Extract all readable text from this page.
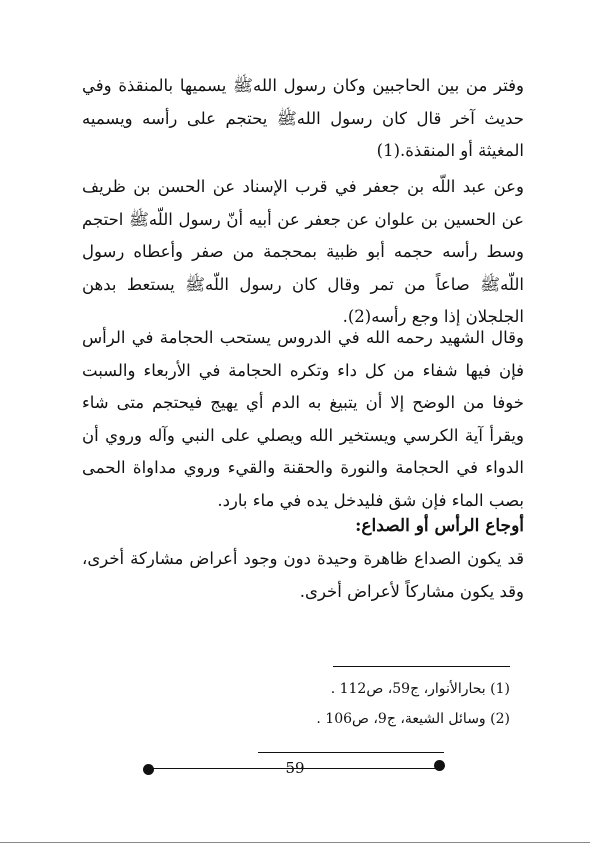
وفتر من بين الحاجبين وكان رسول اللهﷺ يسميها بالمنقذة وفي حديث آخر قال كان رسول اللهﷺ يحتجم على رأسه ويسميه المغيثة أو المنقذة.(1)

وعن عبد اللّه بن جعفر في قرب الإسناد عن الحسن بن ظريف عن الحسين بن علوان عن جعفر عن أبيه أنّ رسول اللّهﷺ احتجم وسط رأسه حجمه أبو ظبية بمحجمة من صفر وأعطاه رسول اللّهﷺ صاعاً من تمر وقال كان رسول اللّهﷺ يستعط بدهن الجلجلان إذا وجع رأسه(2).

وقال الشهيد رحمه الله في الدروس يستحب الحجامة في الرأس فإن فيها شفاء من كل داء وتكره الحجامة في الأربعاء والسبت خوفا من الوضح إلا أن يتبيغ به الدم أي يهيج فيحتجم متى شاء ويقرأ آية الكرسي ويستخير الله ويصلي على النبي وآله وروي أن الدواء في الحجامة والنورة والحقنة والقيء وروي مداواة الحمى بصب الماء فإن شق فليدخل يده في ماء بارد.

أوجاع الرأس أو الصداع:

قد يكون الصداع ظاهرة وحيدة دون وجود أعراض مشاركة أخرى، وقد يكون مشاركاً لأعراض أخرى.

(1) بحارالأنوار، ج59، ص112 .

(2) وسائل الشيعة، ج9، ص106 .

59
